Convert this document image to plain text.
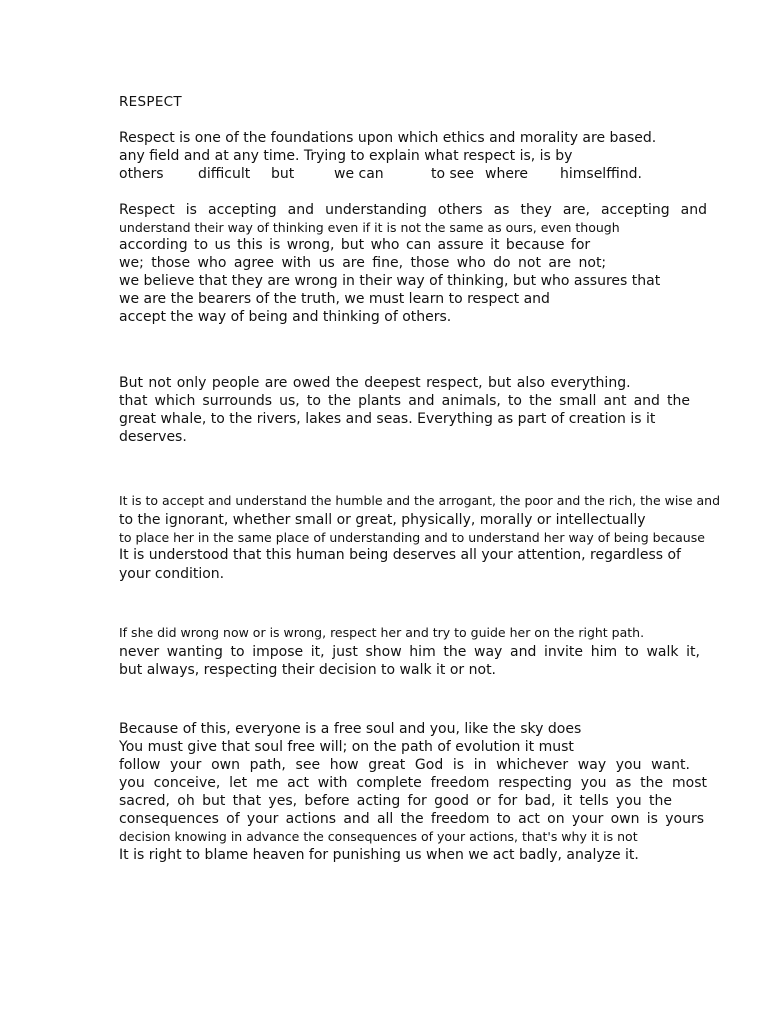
RESPECT
Respect is one of the foundations upon which ethics and morality are based.
any field and at any time. Trying to explain what respect is, is by
others difficult but	we can	to see where himselffind.
Respect is accepting and understanding others as they are, accepting and
understand their way of thinking even if it is not the same as ours, even though
according to us this is wrong, but who can assure it because for
we; those who agree with us are fine, those who do not are not;
we believe that they are wrong in their way of thinking, but who assures that
we are the bearers of the truth, we must learn to respect and
accept the way of being and thinking of others.
But not only people are owed the deepest respect, but also everything.
that which surrounds us, to the plants and animals, to the small ant and the
great whale, to the rivers, lakes and seas. Everything as part of creation is it
deserves.
It is to accept and understand the humble and the arrogant, the poor and the rich, the wise and
to the ignorant, whether small or great, physically, morally or intellectually
to place her in the same place of understanding and to understand her way of being because
It is understood that this human being deserves all your attention, regardless of
your condition.
If she did wrong now or is wrong, respect her and try to guide her on the right path.
never wanting to impose it, just show him the way and invite him to walk it,
but always, respecting their decision to walk it or not.
Because of this, everyone is a free soul and you, like the sky does
You must give that soul free will; on the path of evolution it must
follow your own path, see how great God is in whichever way you want.
you conceive, let me act with complete freedom respecting you as the most
sacred, oh but that yes, before acting for good or for bad, it tells you the
consequences of your actions and all the freedom to act on your own is yours
decision knowing in advance the consequences of your actions, that's why it is not
It is right to blame heaven for punishing us when we act badly, analyze it.
